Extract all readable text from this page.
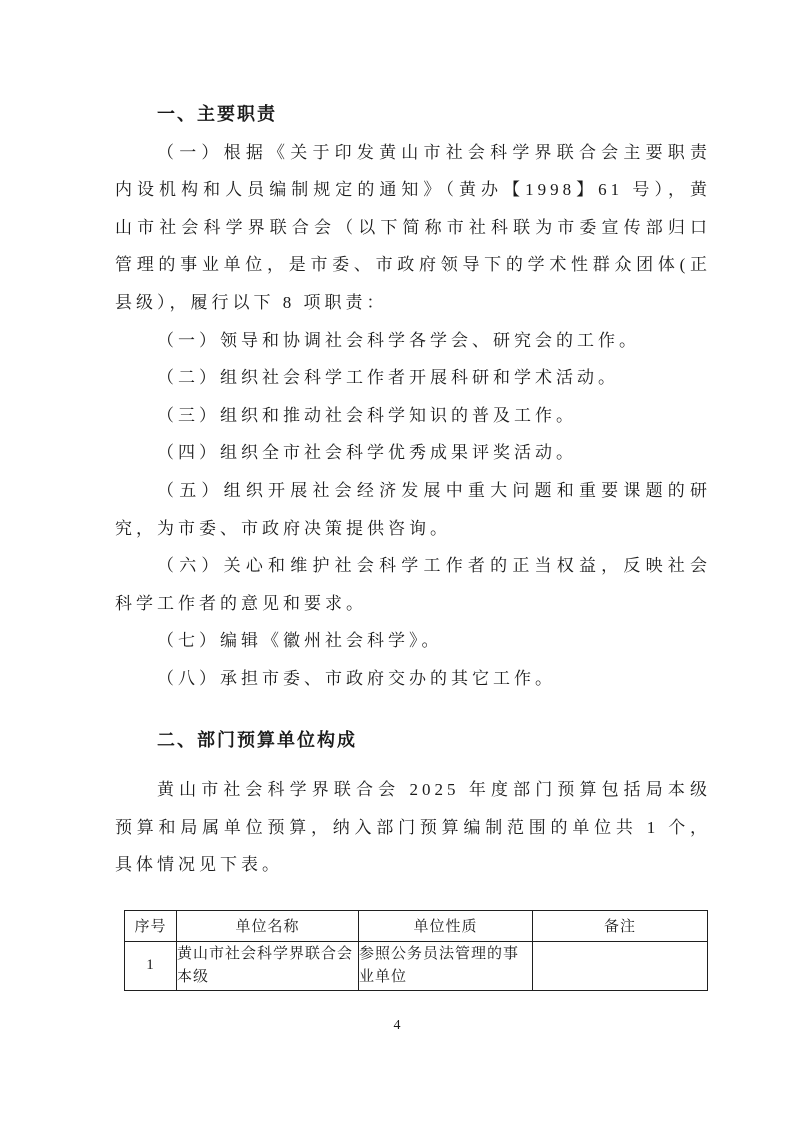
一、主要职责
（一）根据《关于印发黄山市社会科学界联合会主要职责
内设机构和人员编制规定的通知》（黄办【1998】61 号），黄
山市社会科学界联合会（以下简称市社科联为市委宣传部归口
管理的事业单位，是市委、市政府领导下的学术性群众团体(正
县级），履行以下 8 项职责：
（一）领导和协调社会科学各学会、研究会的工作。
（二）组织社会科学工作者开展科研和学术活动。
（三）组织和推动社会科学知识的普及工作。
（四）组织全市社会科学优秀成果评奖活动。
（五）组织开展社会经济发展中重大问题和重要课题的研
究，为市委、市政府决策提供咨询。
（六）关心和维护社会科学工作者的正当权益，反映社会
科学工作者的意见和要求。
（七）编辑《徽州社会科学》。
（八）承担市委、市政府交办的其它工作。
二、部门预算单位构成
黄山市社会科学界联合会 2025 年度部门预算包括局本级
预算和局属单位预算，纳入部门预算编制范围的单位共 1 个，
具体情况见下表。
序号	单位名称	单位性质	备注
1	黄山市社会科学界联合会本级	参照公务员法管理的事业单位	
4
